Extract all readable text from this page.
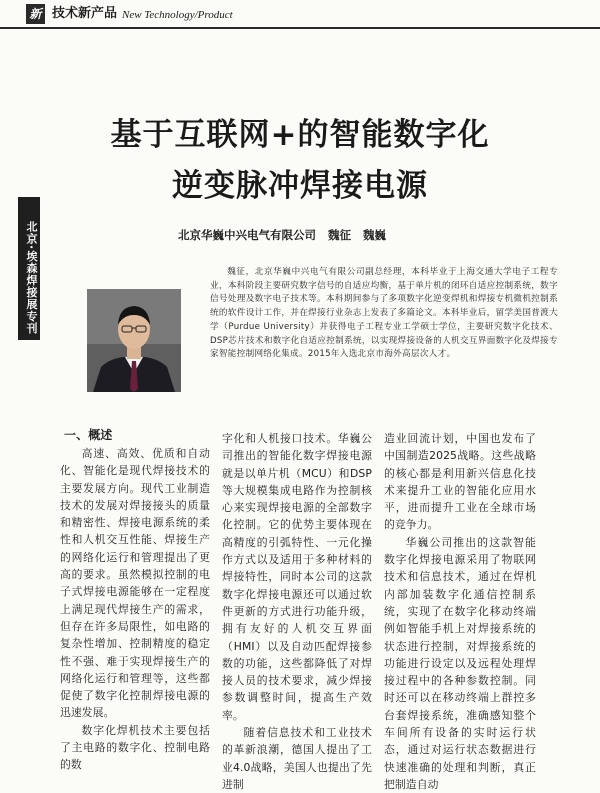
新 技术新产品 New Technology/Product
北京·埃森焊接展专刊
基于互联网+的智能数字化
逆变脉冲焊接电源
北京华巍中兴电气有限公司 魏征 魏巍
魏征，北京华巍中兴电气有限公司副总经理，本科毕业于上海交通大学电子工程专业，本科阶段主要研究数字信号的自适应均衡，基于单片机的闭环自适应控制系统，数字信号处理及数字电子技术等。本科期间参与了多项数字化逆变焊机和焊接专机微机控制系统的软件设计工作，并在焊接行业杂志上发表了多篇论文。本科毕业后，留学美国普渡大学（Purdue University）并获得电子工程专业工学硕士学位，主要研究数字化技术、DSP芯片技术和数字化自适应控制系统，以实现焊接设备的人机交互界面数字化及焊接专家智能控制网络化集成。2015年入选北京市海外高层次人才。
一、概述

高速、高效、优质和自动化、智能化是现代焊接技术的主要发展方向。现代工业制造技术的发展对焊接接头的质量和精密性、焊接电源系统的柔性和人机交互性能、焊接生产的网络化运行和管理提出了更高的要求。虽然模拟控制的电子式焊接电源能够在一定程度上满足现代焊接生产的需求，但存在许多局限性，如电路的复杂性增加、控制精度的稳定性不强、难于实现焊接生产的网络化运行和管理等，这些都促使了数字化控制焊接电源的迅速发展。

数字化焊机技术主要包括了主电路的数字化、控制电路的数

字化和人机接口技术。华巍公司推出的智能化数字焊接电源就是以单片机（MCU）和DSP等大规模集成电路作为控制核心来实现焊接电源的全部数字化控制。它的优势主要体现在高精度的引弧特性、一元化操作方式以及适用于多种材料的焊接特性，同时本公司的这款数字化焊接电源还可以通过软件更新的方式进行功能升级，拥有友好的人机交互界面（HMI）以及自动匹配焊接参数的功能，这些都降低了对焊接人员的技术要求，减少焊接参数调整时间，提高生产效率。

随着信息技术和工业技术的革新浪潮，德国人提出了工业4.0战略，美国人也提出了先进制

造业回流计划，中国也发布了中国制造2025战略。这些战略的核心都是利用新兴信息化技术来提升工业的智能化应用水平，进而提升工业在全球市场的竞争力。

华巍公司推出的这款智能数字化焊接电源采用了物联网技术和信息技术，通过在焊机内部加装数字化通信控制系统，实现了在数字化移动终端例如智能手机上对焊接系统的状态进行控制，对焊接系统的功能进行设定以及远程处理焊接过程中的各种参数控制。同时还可以在移动终端上群控多台套焊接系统，准确感知整个车间所有设备的实时运行状态，通过对运行状态数据进行快速准确的处理和判断，真正把制造自动
